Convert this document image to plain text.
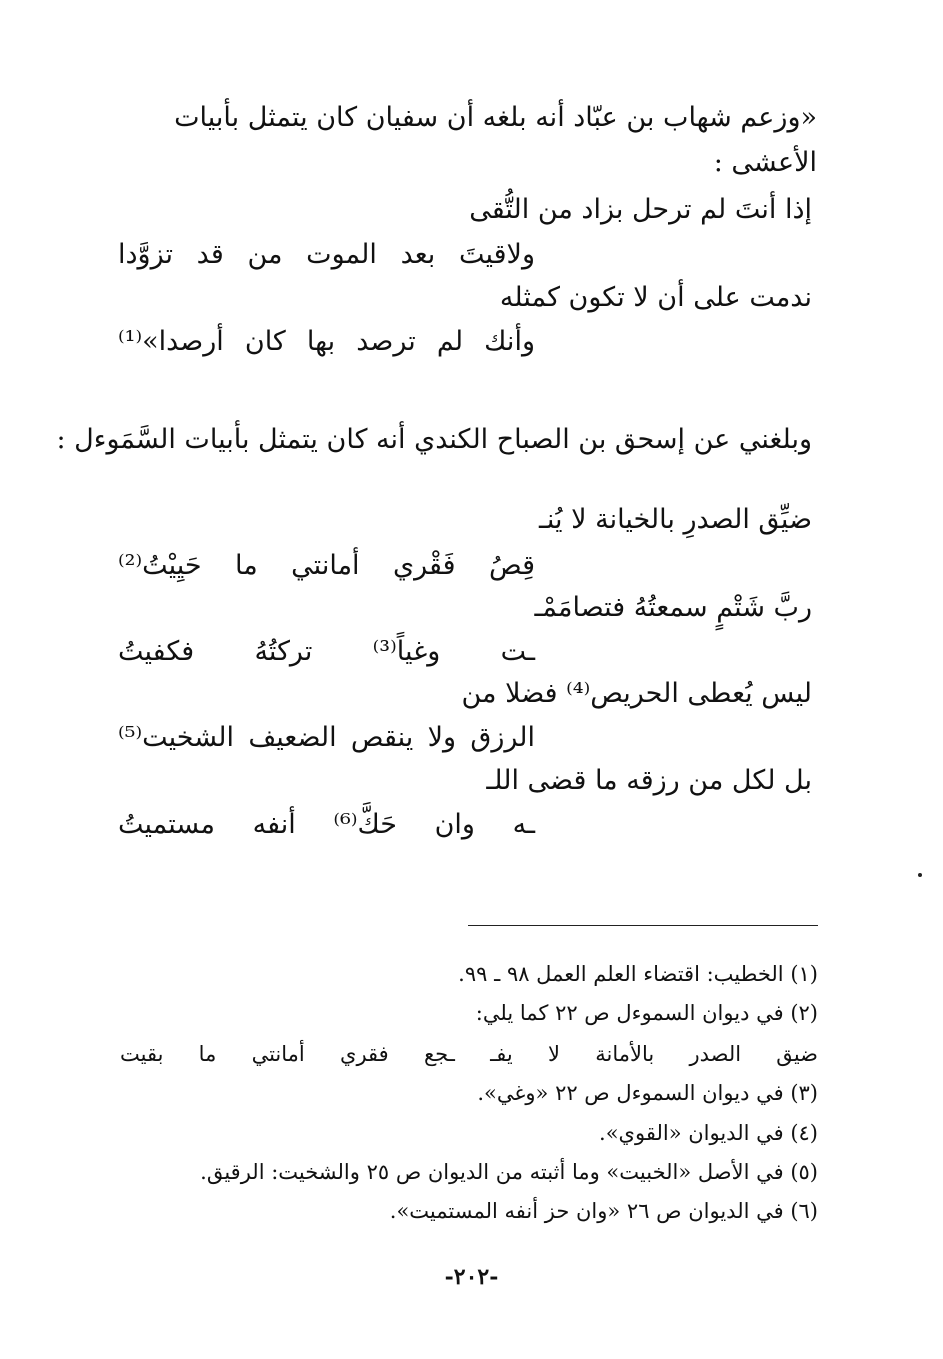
«وزعم شهاب بن عبّاد أنه بلغه أن سفيان كان يتمثل بأبيات
الأعشى :
إذا أنتَ لم ترحل بزاد من التُّقى
ولاقيتَ بعد الموت من قد تزوَّدا
ندمت على أن لا تكون كمثله
وأنك لم ترصد بها كان أرصدا»⁽¹⁾
وبلغني عن إسحق بن الصباح الكندي أنه كان يتمثل بأبيات السَّمَوءل :
ضيِّق الصدرِ بالخيانة لا يُنـ
قِصُ فَقْري أمانتي ما حَيِيْتُ⁽²⁾
ربَّ شَتْمٍ سمعتُهُ فتصامَمْـ
ـت وغياً⁽³⁾ تركتُهُ فكفيتُ
ليس يُعطى الحريص⁽⁴⁾ فضلا من
الرزق ولا ينقص الضعيف الشخيت⁽⁵⁾
بل لكل من رزقه ما قضى اللـ
ـه وان حَكَّ⁽⁶⁾ أنفه مستميتُ
(١) الخطيب: اقتضاء العلم العمل ٩٨ ـ ٩٩.
(٢) في ديوان السموءل ص ٢٢ كما يلي:
ضيق الصدر بالأمانة لا يفـ ـجع فقري أمانتي ما بقيت
(٣) في ديوان السموءل ص ٢٢ «وغي».
(٤) في الديوان «القوي».
(٥) في الأصل «الخبيت» وما أثبته من الديوان ص ٢٥ والشخيت: الرقيق.
(٦) في الديوان ص ٢٦ «وان حز أنفه المستميت».
-٢٠٢-
